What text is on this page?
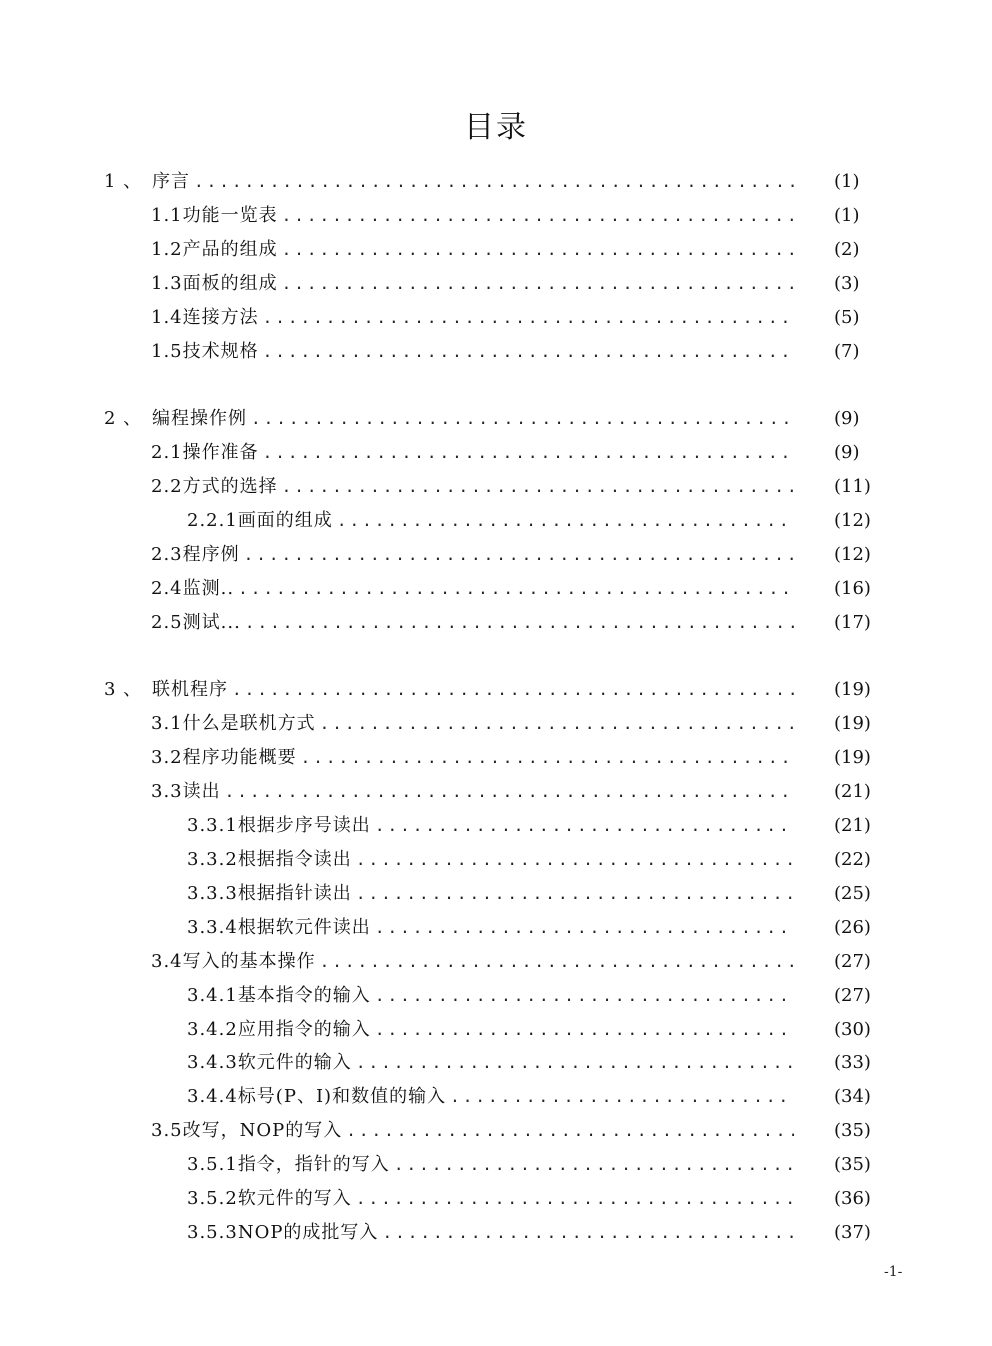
目录
1 、 序言 .....	(1)
1.1 功能一览表 .....	(1)
1.2 产品的组成 .....	(2)
1.3 面板的组成 .....	(3)
1.4 连接方法 .....	(5)
1.5 技术规格 .....	(7)
2 、 编程操作例 .....	(9)
2.1 操作准备 .....	(9)
2.2 方式的选择 .....	(11)
2.2.1 画面的组成 .....	(12)
2.3 程序例 .....	(12)
2.4 监测.. .....	(16)
2.5 测试... .....	(17)
3 、 联机程序 .....	(19)
3.1 什么是联机方式 .....	(19)
3.2 程序功能概要 .....	(19)
3.3 读出 .....	(21)
3.3.1 根据步序号读出 .....	(21)
3.3.2 根据指令读出 .....	(22)
3.3.3 根据指针读出 .....	(25)
3.3.4 根据软元件读出 .....	(26)
3.4 写入的基本操作 .....	(27)
3.4.1 基本指令的输入 .....	(27)
3.4.2 应用指令的输入 .....	(30)
3.4.3 软元件的输入 .....	(33)
3.4.4 标号(P、I)和数值的输入 .....	(34)
3.5 改写，NOP的写入 .....	(35)
3.5.1 指令，指针的写入 .....	(35)
3.5.2 软元件的写入 .....	(36)
3.5.3 NOP的成批写入 .....	(37)
-1-
